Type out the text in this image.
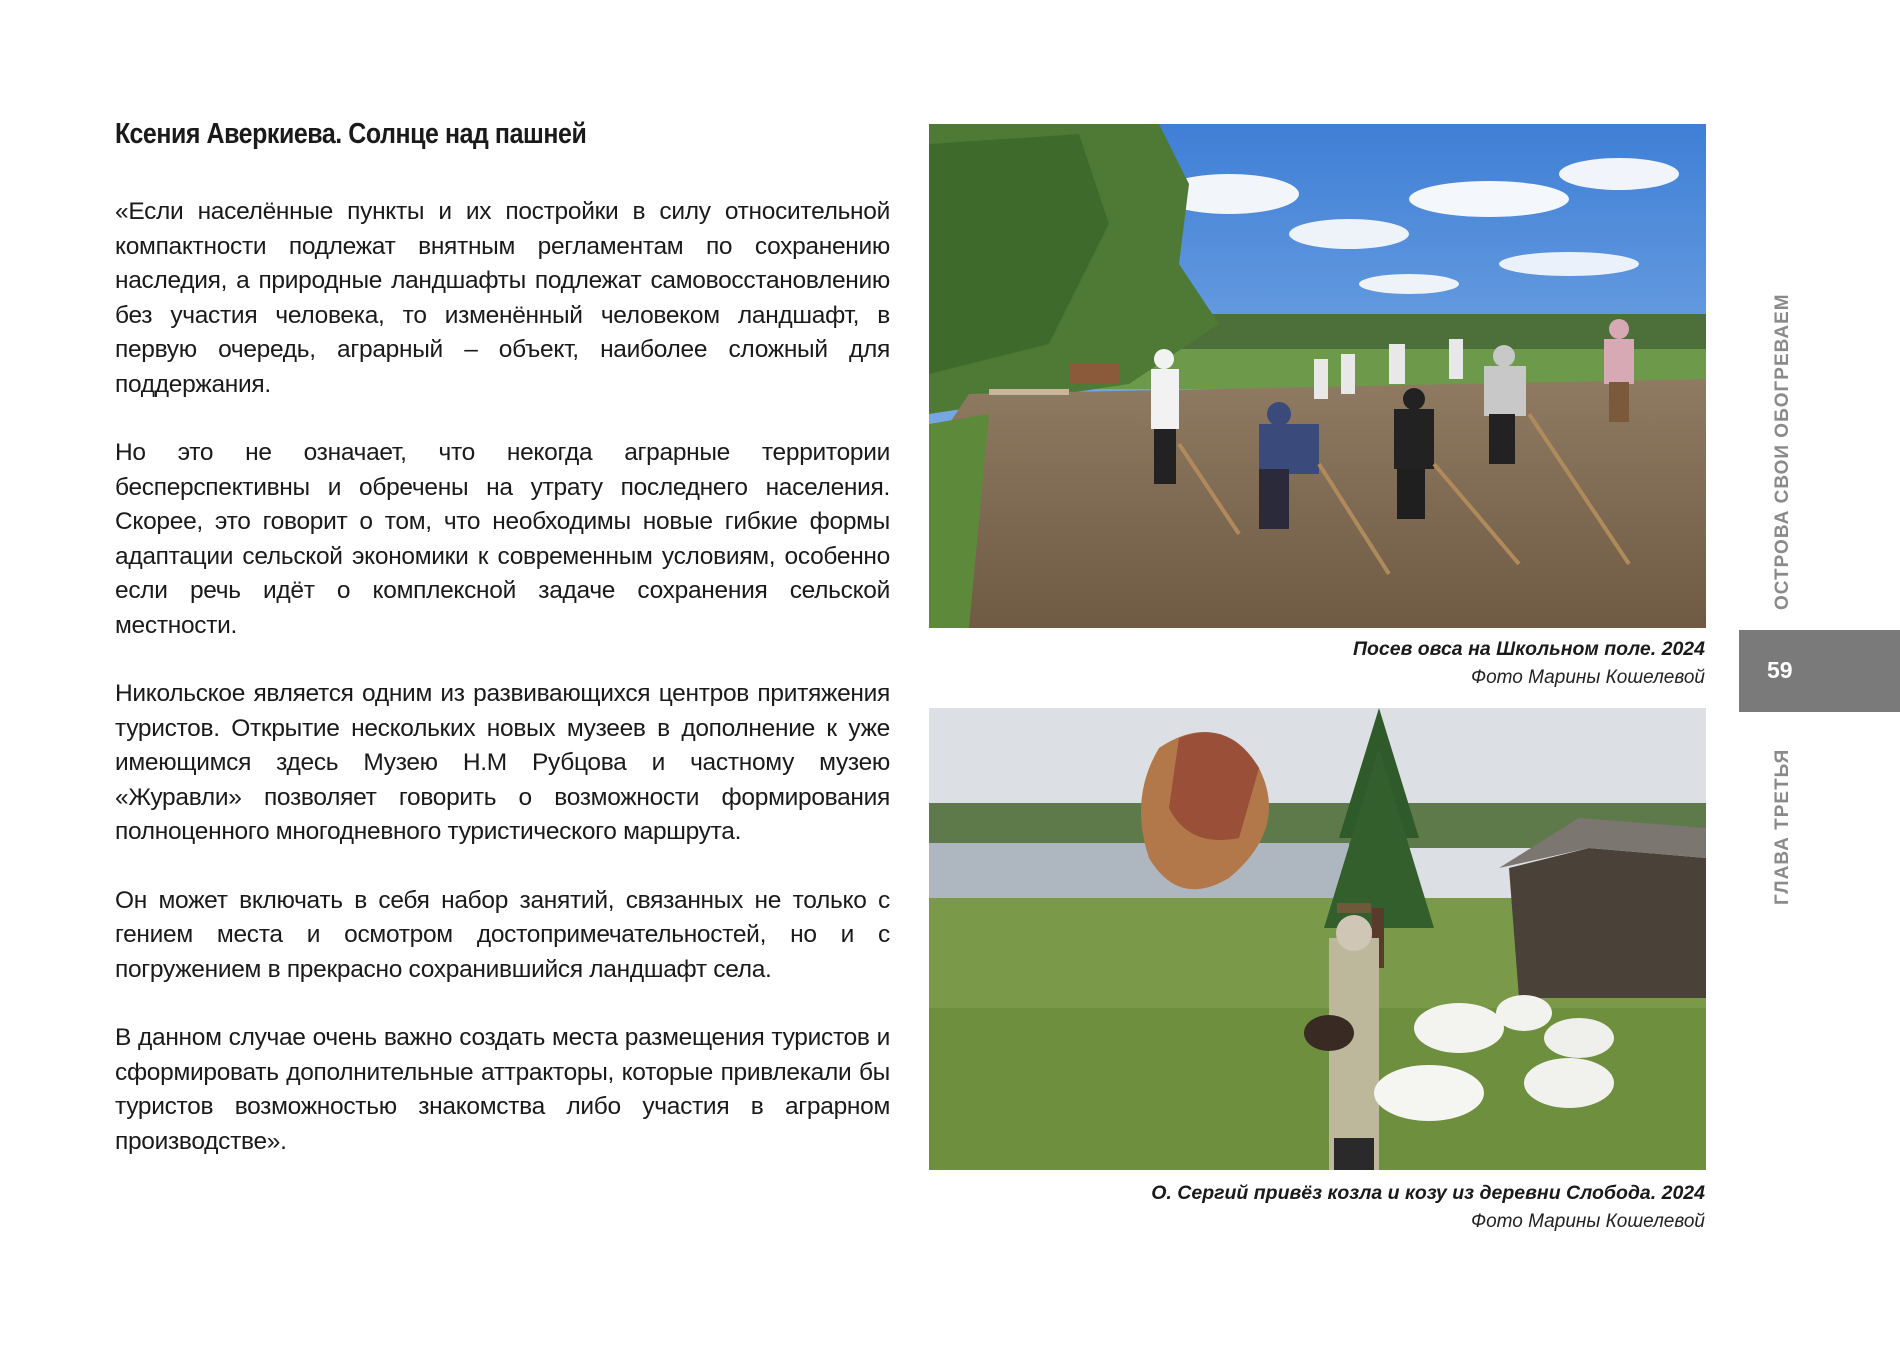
Ксения Аверкиева. Солнце над пашней

«Если населённые пункты и их постройки в силу относительной компактности подлежат внятным регламентам по сохранению наследия, а природные ландшафты подлежат самовосстановлению без участия человека, то изменённый человеком ландшафт, в первую очередь, аграрный – объект, наиболее сложный для поддержания.

Но это не означает, что некогда аграрные территории бесперспективны и обречены на утрату последнего населения. Скорее, это говорит о том, что необходимы новые гибкие формы адаптации сельской экономики к современным условиям, особенно если речь идёт о комплексной задаче сохранения сельской местности.

Никольское является одним из развивающихся центров притяжения туристов. Открытие нескольких новых музеев в дополнение к уже имеющимся здесь Музею Н.М Рубцова и частному музею «Журавли» позволяет говорить о возможности формирования полноценного многодневного туристического маршрута.

Он может включать в себя набор занятий, связанных не только с гением места и осмотром достопримечательностей, но и с погружением в прекрасно сохранившийся ландшафт села.

В данном случае очень важно создать места размещения туристов и сформировать дополнительные аттракторы, которые привлекали бы туристов возможностью знакомства либо участия в аграрном производстве».

Посев овса на Школьном поле. 2024
Фото Марины Кошелевой
О. Сергий привёз козла и козу из деревни Слобода. 2024
Фото Марины Кошелевой
ОСТРОВА СВОИ ОБОГРЕВАЕМ
59
ГЛАВА ТРЕТЬЯ
